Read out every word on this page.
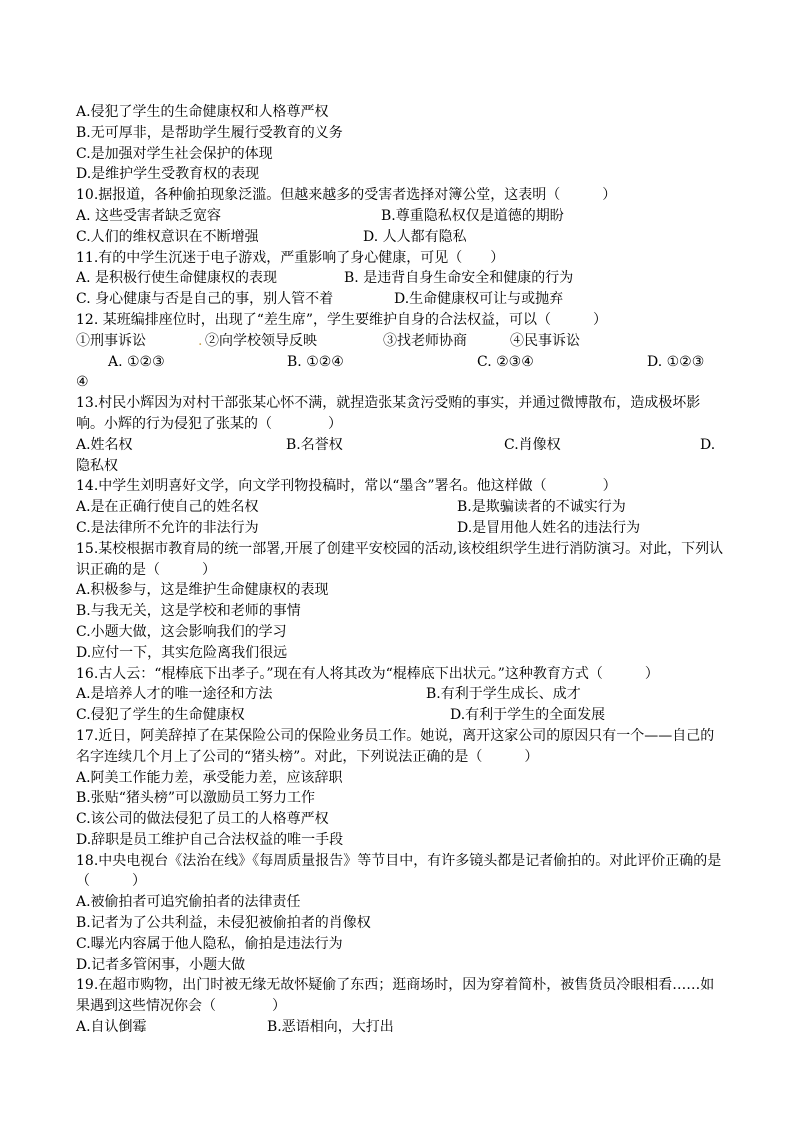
A.侵犯了学生的生命健康权和人格尊严权
B.无可厚非，是帮助学生履行受教育的义务
C.是加强对学生社会保护的体现
D.是维护学生受教育权的表现
10.据报道，各种偷拍现象泛滥。但越来越多的受害者选择对簿公堂，这表明（　　　）
A. 这些受害者缺乏宽容	B.尊重隐私权仅是道德的期盼
C.人们的维权意识在不断增强	D. 人人都有隐私
11.有的中学生沉迷于电子游戏，严重影响了身心健康，可见（　　）
A. 是积极行使生命健康权的表现	B. 是违背自身生命安全和健康的行为
C. 身心健康与否是自己的事，别人管不着	D.生命健康权可让与或抛弃
12. 某班编排座位时，出现了“差生席”，学生要维护自身的合法权益，可以（　　　）
①刑事诉讼	. ②向学校领导反映	③找老师协商	④民事诉讼
A. ①②③	B. ①②④	C. ②③④	D. ①②③
④
13.村民小辉因为对村干部张某心怀不满，就捏造张某贪污受贿的事实，并通过微博散布，造成极坏影响。小辉的行为侵犯了张某的（　　　　）
A.姓名权	B.名誉权	C.肖像权	D.
隐私权
14.中学生刘明喜好文学，向文学刊物投稿时，常以“墨含”署名。他这样做（　　　　）
A.是在正确行使自己的姓名权	B.是欺骗读者的不诚实行为
C.是法律所不允许的非法行为	D.是冒用他人姓名的违法行为
15.某校根据市教育局的统一部署,开展了创建平安校园的活动,该校组织学生进行消防演习。对此，下列认识正确的是（　　　）
A.积极参与，这是维护生命健康权的表现
B.与我无关，这是学校和老师的事情
C.小题大做，这会影响我们的学习
D.应付一下，其实危险离我们很远
16.古人云：“棍棒底下出孝子。”现在有人将其改为“棍棒底下出状元。”这种教育方式（　　　）
A.是培养人才的唯一途径和方法	B.有利于学生成长、成才
C.侵犯了学生的生命健康权	D.有利于学生的全面发展
17.近日，阿美辞掉了在某保险公司的保险业务员工作。她说，离开这家公司的原因只有一个——自己的名字连续几个月上了公司的“猪头榜”。对此，下列说法正确的是（　　　）
A.阿美工作能力差，承受能力差，应该辞职
B.张贴“猪头榜”可以激励员工努力工作
C.该公司的做法侵犯了员工的人格尊严权
D.辞职是员工维护自己合法权益的唯一手段
18.中央电视台《法治在线》《每周质量报告》等节目中，有许多镜头都是记者偷拍的。对此评价正确的是（　　　）
A.被偷拍者可追究偷拍者的法律责任
B.记者为了公共利益，未侵犯被偷拍者的肖像权
C.曝光内容属于他人隐私，偷拍是违法行为
D.记者多管闲事，小题大做
19.在超市购物，出门时被无缘无故怀疑偷了东西；逛商场时，因为穿着简朴，被售货员冷眼相看……如果遇到这些情况你会（　　　　）
A.自认倒霉	B.恶语相向，大打出
